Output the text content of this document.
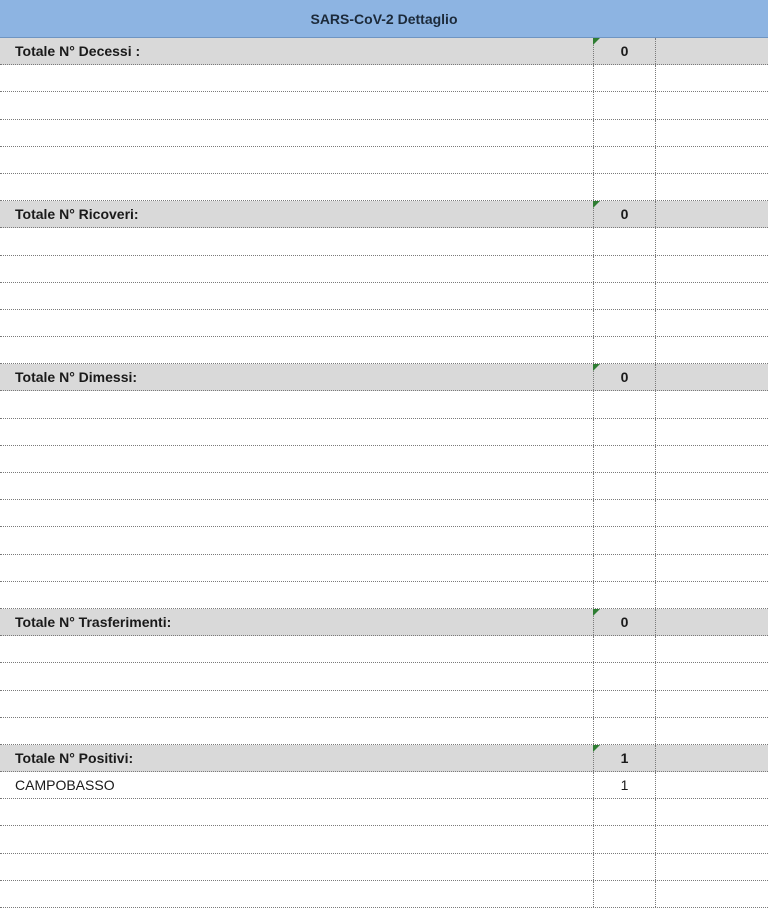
SARS-CoV-2 Dettaglio
Totale N° Decessi :	0
Totale N° Ricoveri:	0
Totale N° Dimessi:	0
Totale N° Trasferimenti:	0
Totale N° Positivi:	1
CAMPOBASSO	1
